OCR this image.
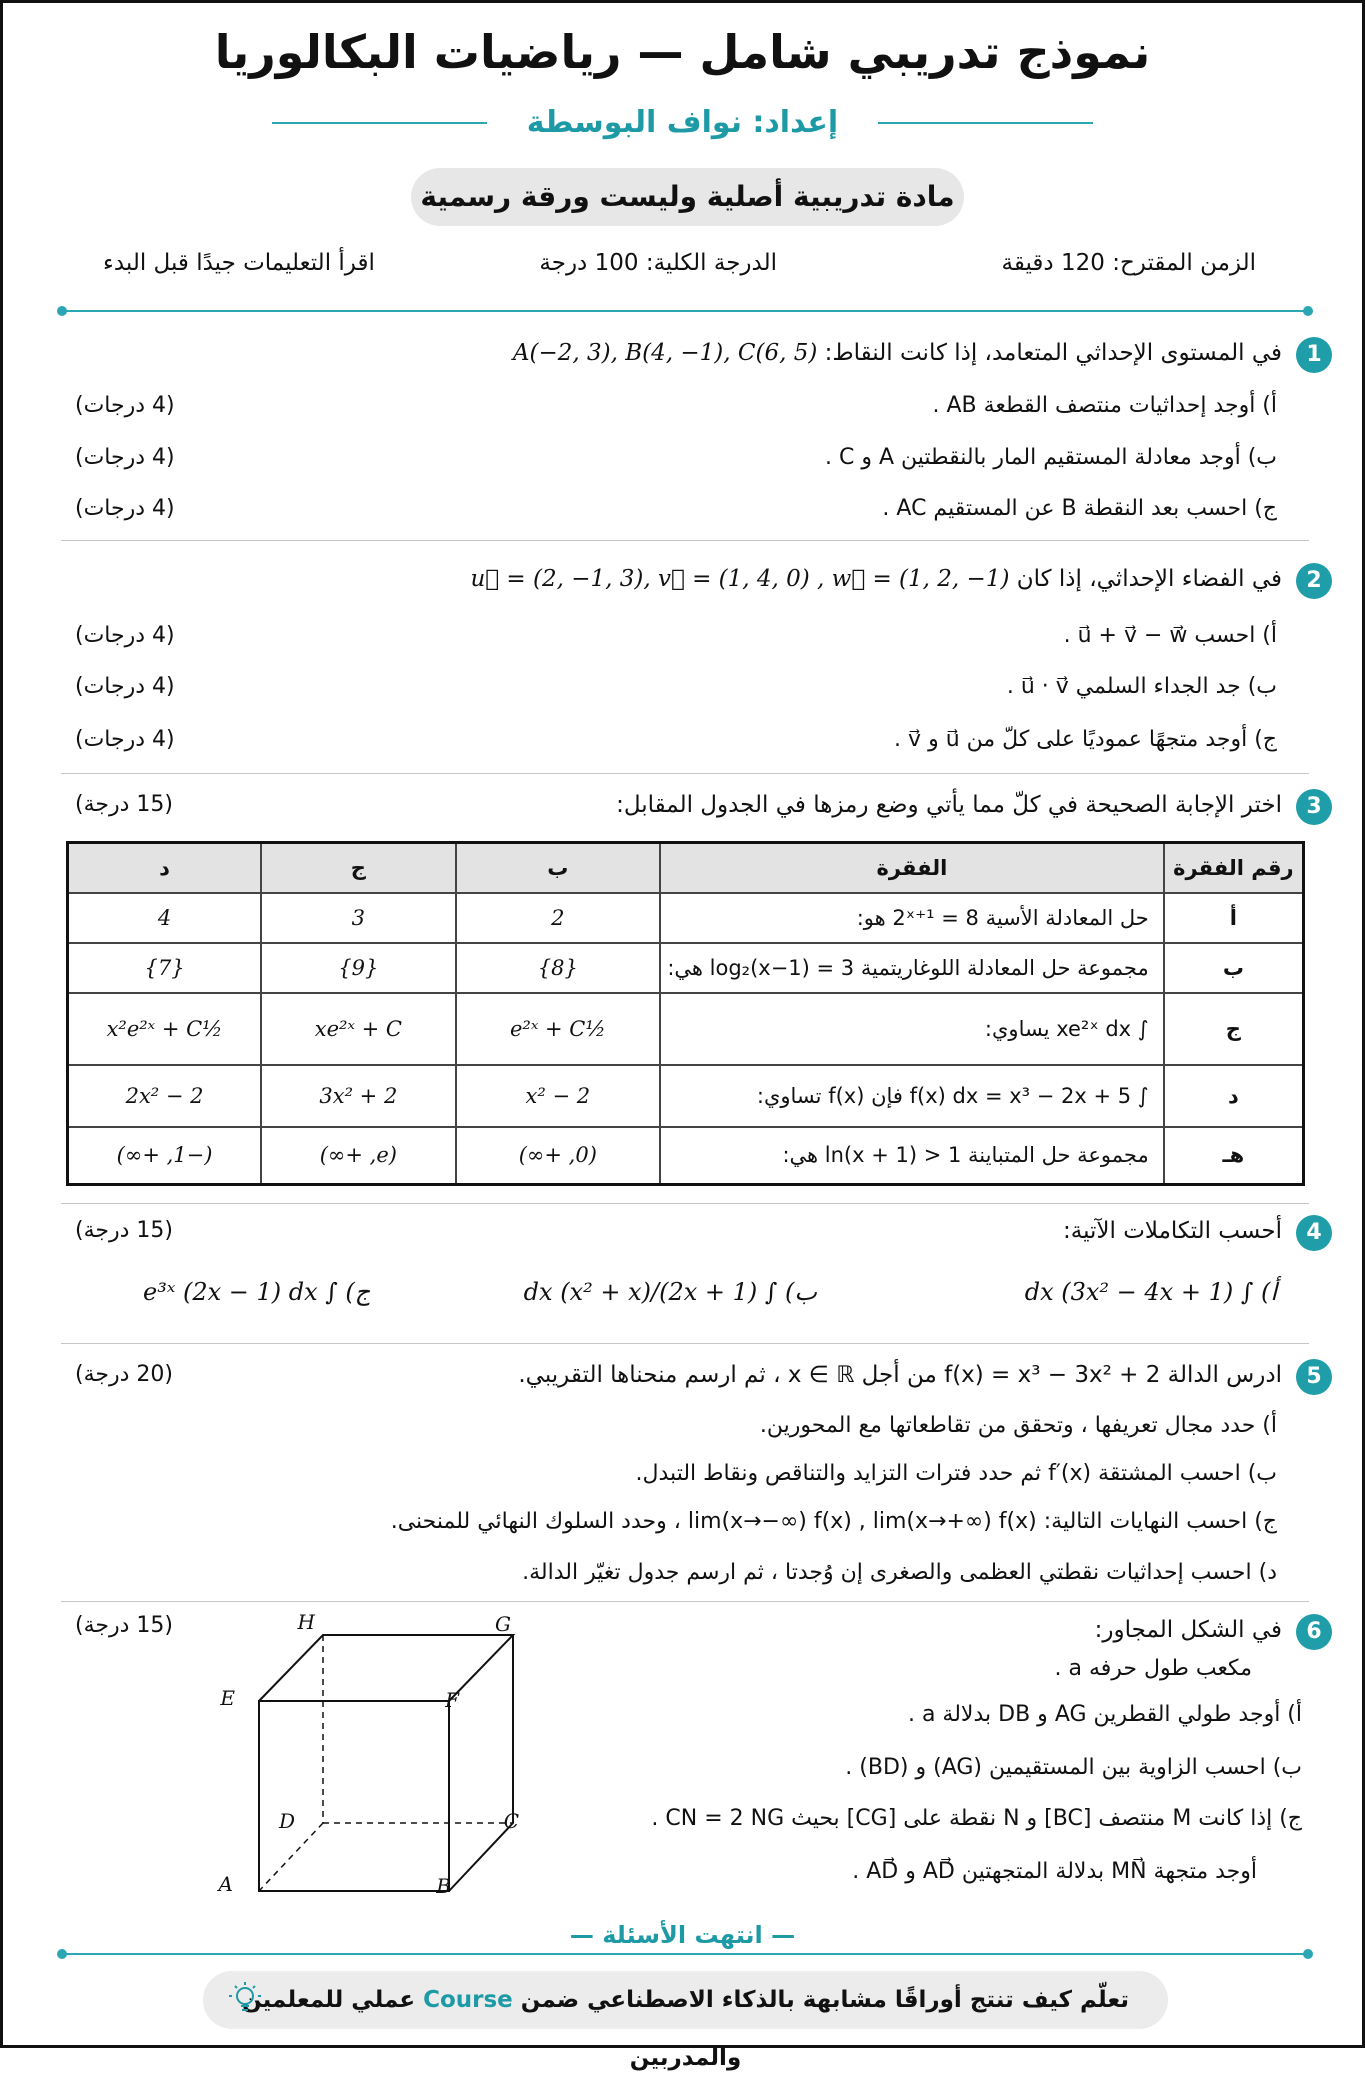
نموذج تدريبي شامل — رياضيات البكالوريا
إعداد: نواف البوسطة
مادة تدريبية أصلية وليست ورقة رسمية
الزمن المقترح: 120 دقيقة
الدرجة الكلية: 100 درجة
اقرأ التعليمات جيدًا قبل البدء
1
في المستوى الإحداثي المتعامد، إذا كانت النقاط: A(−2, 3), B(4, −1), C(6, 5)
أ) أوجد إحداثيات منتصف القطعة AB .
(4 درجات)
ب) أوجد معادلة المستقيم المار بالنقطتين A و C .
(4 درجات)
ج) احسب بعد النقطة B عن المستقيم AC .
(4 درجات)
2
في الفضاء الإحداثي، إذا كان u⃗ = (2, −1, 3), v⃗ = (1, 4, 0) , w⃗ = (1, 2, −1)
أ) احسب u⃗ + v⃗ − w⃗ .
(4 درجات)
ب) جد الجداء السلمي u⃗ · v⃗ .
(4 درجات)
ج) أوجد متجهًا عموديًا على كلّ من u⃗ و v⃗ .
(4 درجات)
3
اختر الإجابة الصحيحة في كلّ مما يأتي وضع رمزها في الجدول المقابل:
(15 درجة)
رقم الفقرة	الفقرة	ب	ج	د
أ	حل المعادلة الأسية 2ˣ⁺¹ = 8 هو:	2	3	4
ب	مجموعة حل المعادلة اللوغاريتمية log₂(x−1) = 3 هي:	{8}	{9}	{7}
ج	∫ xe²ˣ dx يساوي:	½e²ˣ + C	xe²ˣ + C	½x²e²ˣ + C
د	∫ f(x) dx = x³ − 2x + 5 فإن f(x) تساوي:	x² − 2	3x² + 2	2x² − 2
هـ	مجموعة حل المتباينة ln(x + 1) > 1 هي:	(0, +∞)	(e, +∞)	(−1, +∞)
4
أحسب التكاملات الآتية:
(15 درجة)
أ) ∫ (3x² − 4x + 1) dx
ب) ∫ (2x + 1)/(x² + x) dx
ج) ∫ e³ˣ (2x − 1) dx
5
ادرس الدالة f(x) = x³ − 3x² + 2 من أجل x ∈ ℝ ، ثم ارسم منحناها التقريبي.
(20 درجة)
أ) حدد مجال تعريفها ، وتحقق من تقاطعاتها مع المحورين.
ب) احسب المشتقة f′(x) ثم حدد فترات التزايد والتناقص ونقاط التبدل.
ج) احسب النهايات التالية: lim(x→−∞) f(x) , lim(x→+∞) f(x) ، وحدد السلوك النهائي للمنحنى.
د) احسب إحداثيات نقطتي العظمى والصغرى إن وُجدتا ، ثم ارسم جدول تغيّر الدالة.
6
في الشكل المجاور:
(15 درجة)
مكعب طول حرفه a .
أ) أوجد طولي القطرين AG و DB بدلالة a .
ب) احسب الزاوية بين المستقيمين (AG) و (BD) .
ج) إذا كانت M منتصف [BC] و N نقطة على [CG] بحيث CN = 2 NG .
أوجد متجهة MN⃗ بدلالة المتجهتين AD⃗ و AD⃗ .
H	G
E	F
D	C
A	B
— انتهت الأسئلة —
تعلّم كيف تنتج أوراقًا مشابهة بالذكاء الاصطناعي ضمن Course عملي للمعلمين والمدربين
